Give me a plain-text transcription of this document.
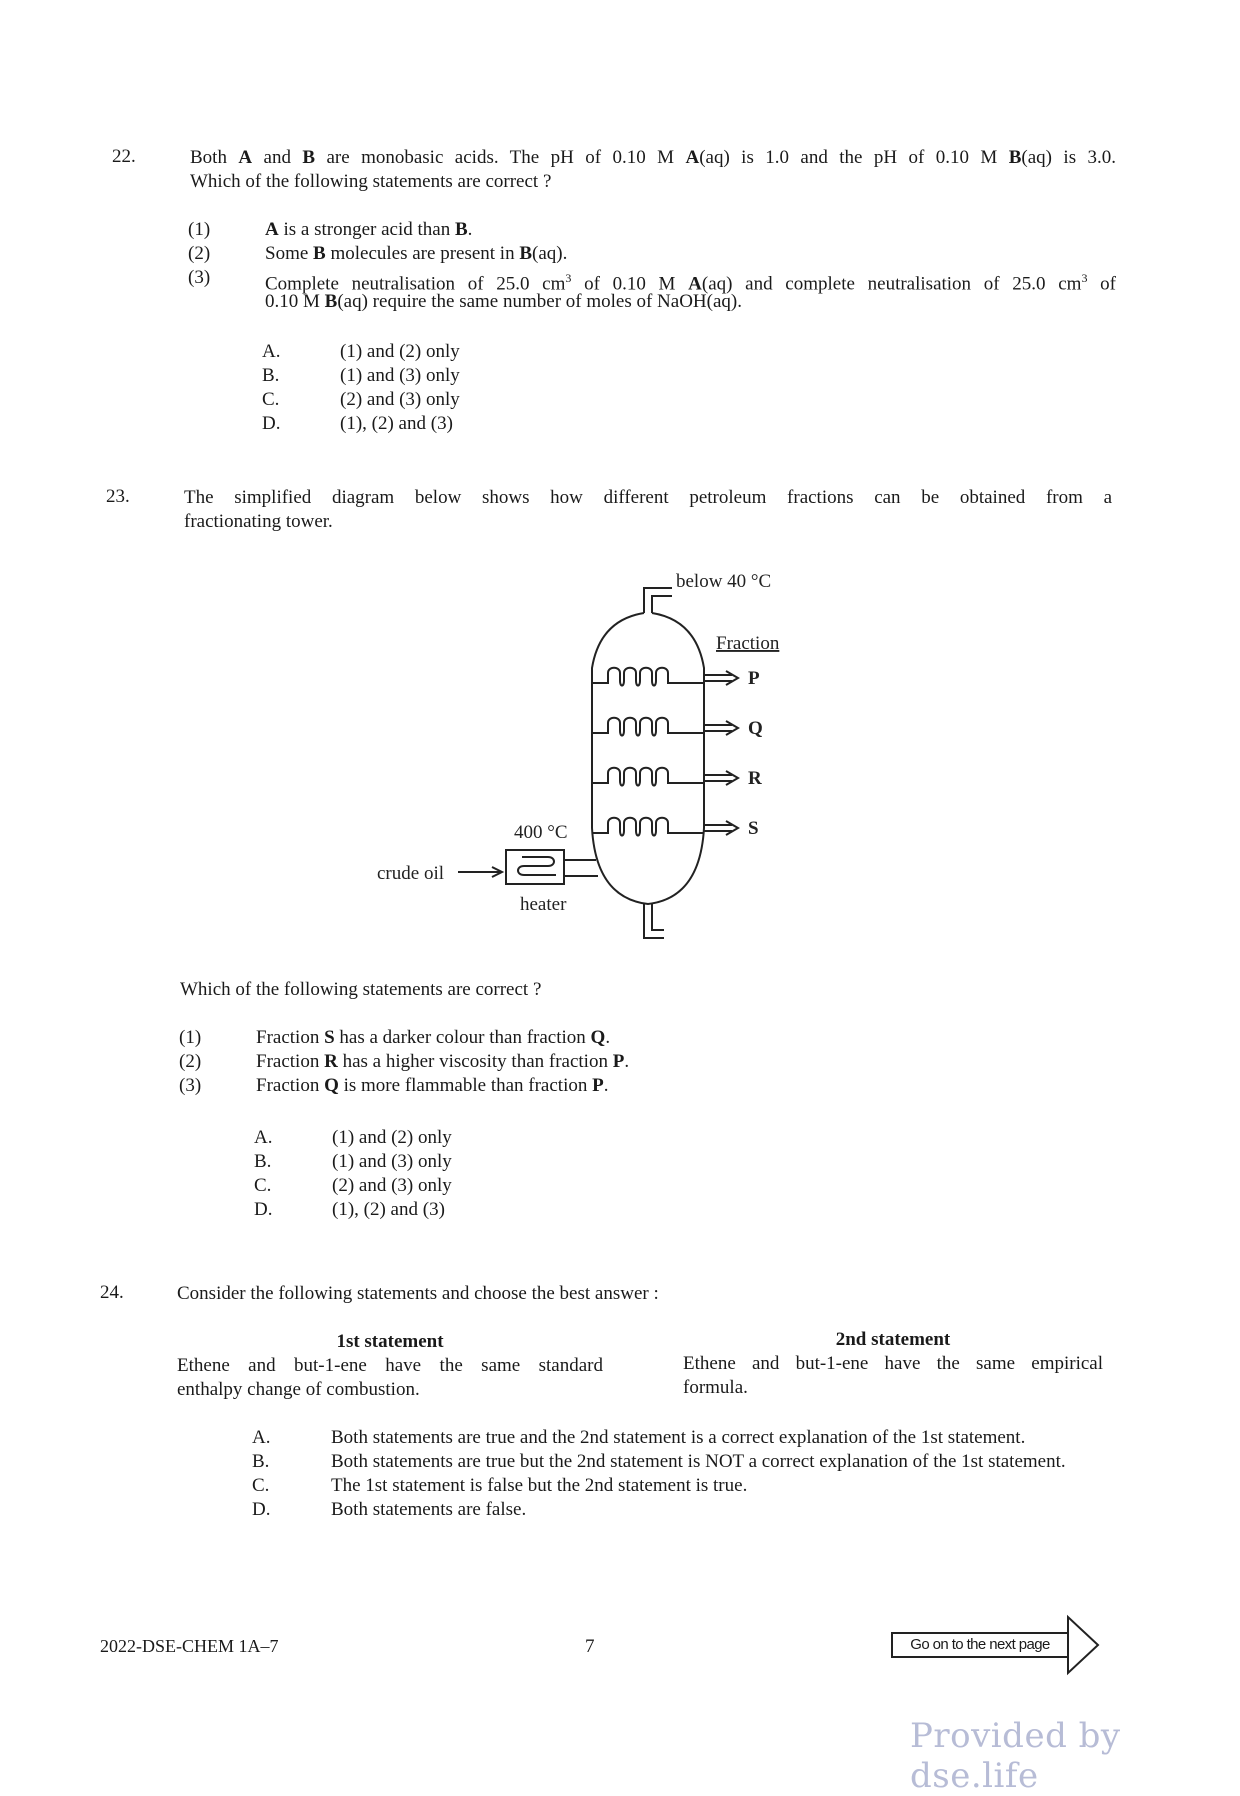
22.	Both A and B are monobasic acids. The pH of 0.10 M A(aq) is 1.0 and the pH of 0.10 M B(aq) is 3.0.
Which of the following statements are correct ?
(1)
(2)
(3)
A is a stronger acid than B.
Some B molecules are present in B(aq).
Complete neutralisation of 25.0 $cm^3$ of 0.10 M A(aq) and complete neutralisation of 25.0 $cm^3$ of
0.10 M B(aq) require the same number of moles of NaOH(aq).
A.
B.
C.
D.
(1) and (2) only
(1) and (3) only
(2) and (3) only
(1), (2) and (3)
23.	The simplified diagram below shows how different petroleum fractions can be obtained from a
fractionating tower.
below 40 °C
Fraction
P
Q
R
S
400 °C
crude oil
heater
Which of the following statements are correct ?
(1)
(2)
(3)
Fraction S has a darker colour than fraction Q.
Fraction R has a higher viscosity than fraction P.
Fraction Q is more flammable than fraction P.
A.
B.
C.
D.
(1) and (2) only
(1) and (3) only
(2) and (3) only
(1), (2) and (3)
24.	Consider the following statements and choose the best answer :
1st statement
Ethene and but-1-ene have the same standard
enthalpy change of combustion.
2nd statement
Ethene and but-1-ene have the same empirical
formula.
A.
B.
C.
D.
Both statements are true and the 2nd statement is a correct explanation of the 1st statement.
Both statements are true but the 2nd statement is NOT a correct explanation of the 1st statement.
The 1st statement is false but the 2nd statement is true.
Both statements are false.
2022-DSE-CHEM 1A–7	7	Go on to the next page
Provided by dse.life
